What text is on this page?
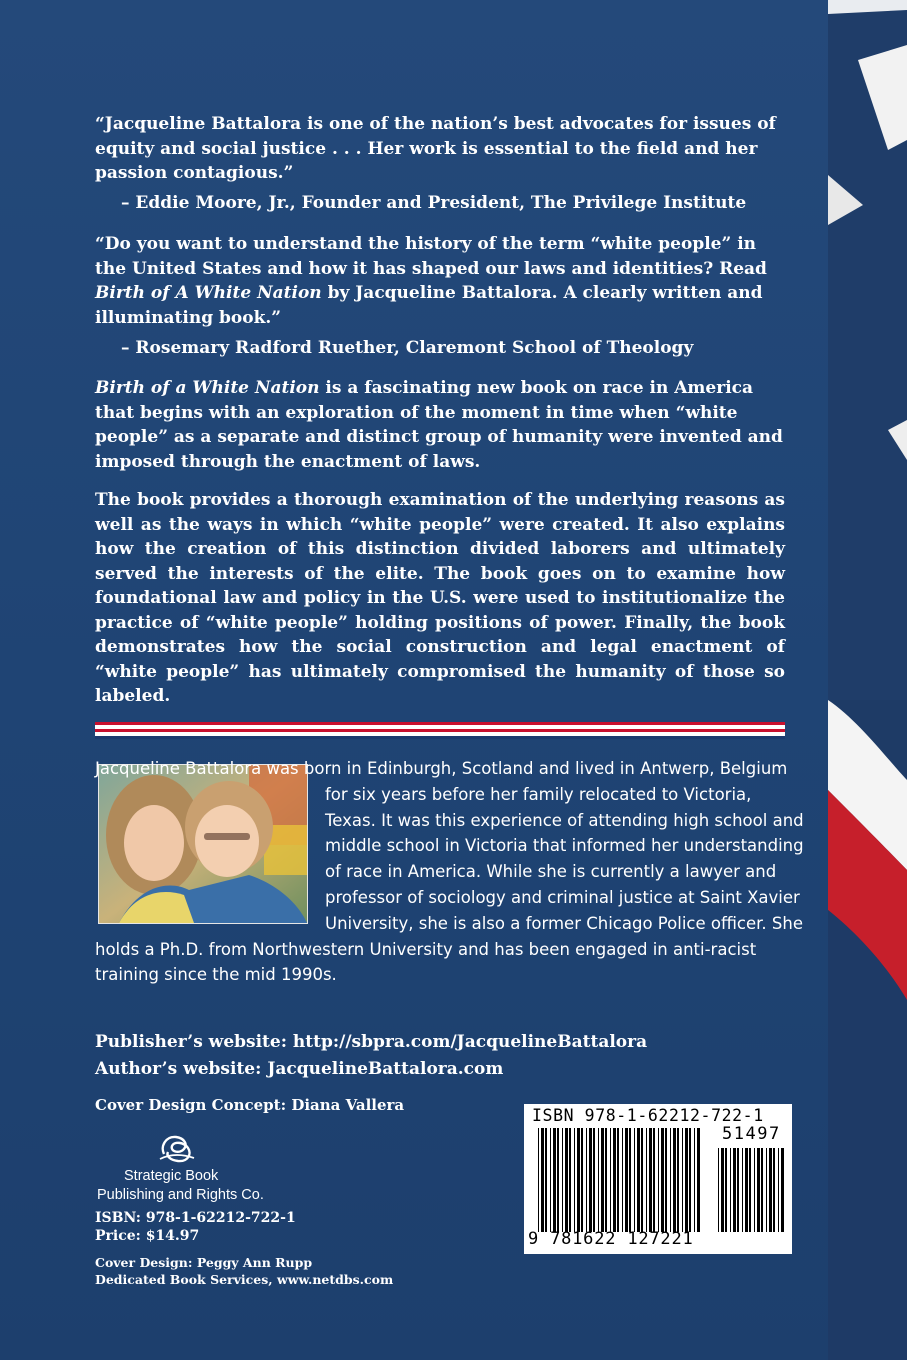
“Jacqueline Battalora is one of the nation’s best advocates for issues of equity and social justice . . . Her work is essential to the field and her passion contagious.”

– Eddie Moore, Jr., Founder and President, The Privilege Institute

“Do you want to understand the history of the term “white people” in the United States and how it has shaped our laws and identities? Read Birth of A White Nation by Jacqueline Battalora. A clearly written and illuminating book.”

– Rosemary Radford Ruether, Claremont School of Theology

Birth of a White Nation is a fascinating new book on race in America that begins with an exploration of the moment in time when “white people” as a separate and distinct group of humanity were invented and imposed through the enactment of laws.

The book provides a thorough examination of the underlying reasons as well as the ways in which “white people” were created. It also explains how the creation of this distinction divided laborers and ultimately served the interests of the elite. The book goes on to examine how foundational law and policy in the U.S. were used to institutionalize the practice of “white people” holding positions of power. Finally, the book demonstrates how the social construction and legal enactment of “white people” has ultimately compromised the humanity of those so labeled.

Jacqueline Battalora was born in Edinburgh, Scotland and lived in Antwerp, Belgium for six years before her family relocated to Victoria, Texas. It was this experience of attending high school and middle school in Victoria that informed her understanding of race in America. While she is currently a lawyer and professor of sociology and criminal justice at Saint Xavier University, she is also a former Chicago Police officer. She holds a Ph.D. from Northwestern University and has been engaged in anti-racist training since the mid 1990s.

Publisher’s website: http://sbpra.com/JacquelineBattalora

Author’s website: JacquelineBattalora.com

Cover Design Concept: Diana Vallera

Strategic Book

Publishing and Rights Co.

ISBN: 978-1-62212-722-1

Price: $14.97

Cover Design: Peggy Ann Rupp

Dedicated Book Services, www.netdbs.com

ISBN 978-1-62212-722-1

51497

9 781622 127221
